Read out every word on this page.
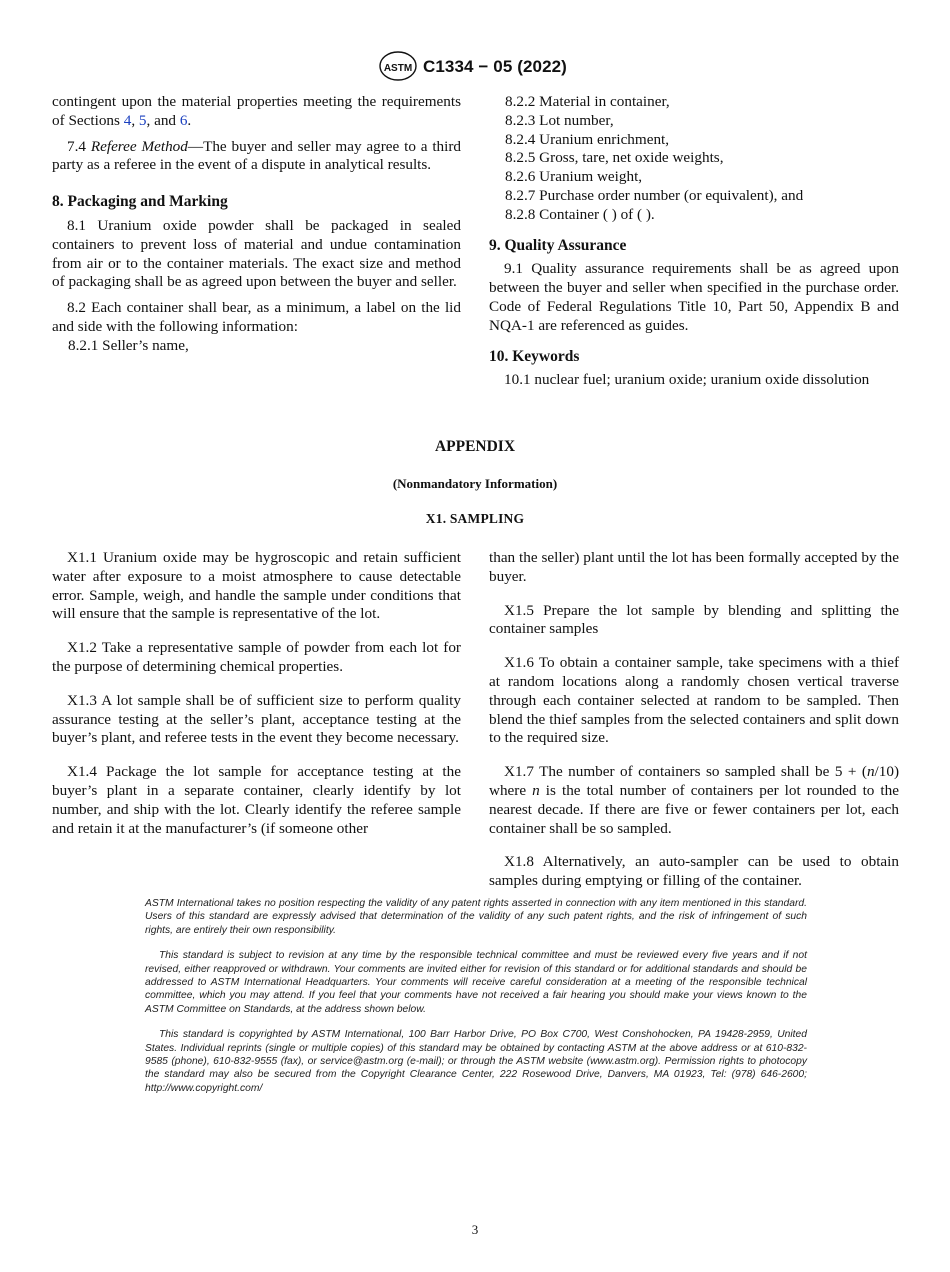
ASTM C1334 − 05 (2022)

contingent upon the material properties meeting the requirements of Sections 4, 5, and 6.

7.4 Referee Method—The buyer and seller may agree to a third party as a referee in the event of a dispute in analytical results.

8. Packaging and Marking

8.1 Uranium oxide powder shall be packaged in sealed containers to prevent loss of material and undue contamination from air or to the container materials. The exact size and method of packaging shall be as agreed upon between the buyer and seller.

8.2 Each container shall bear, as a minimum, a label on the lid and side with the following information:

8.2.1 Seller’s name,

8.2.2 Material in container,

8.2.3 Lot number,

8.2.4 Uranium enrichment,

8.2.5 Gross, tare, net oxide weights,

8.2.6 Uranium weight,

8.2.7 Purchase order number (or equivalent), and

8.2.8 Container ( ) of ( ).

9. Quality Assurance

9.1 Quality assurance requirements shall be as agreed upon between the buyer and seller when specified in the purchase order. Code of Federal Regulations Title 10, Part 50, Appendix B and NQA-1 are referenced as guides.

10. Keywords

10.1 nuclear fuel; uranium oxide; uranium oxide dissolution

APPENDIX
(Nonmandatory Information)
X1. SAMPLING

X1.1 Uranium oxide may be hygroscopic and retain sufficient water after exposure to a moist atmosphere to cause detectable error. Sample, weigh, and handle the sample under conditions that will ensure that the sample is representative of the lot.

X1.2 Take a representative sample of powder from each lot for the purpose of determining chemical properties.

X1.3 A lot sample shall be of sufficient size to perform quality assurance testing at the seller’s plant, acceptance testing at the buyer’s plant, and referee tests in the event they become necessary.

X1.4 Package the lot sample for acceptance testing at the buyer’s plant in a separate container, clearly identify by lot number, and ship with the lot. Clearly identify the referee sample and retain it at the manufacturer’s (if someone other

than the seller) plant until the lot has been formally accepted by the buyer.

X1.5 Prepare the lot sample by blending and splitting the container samples

X1.6 To obtain a container sample, take specimens with a thief at random locations along a randomly chosen vertical traverse through each container selected at random to be sampled. Then blend the thief samples from the selected containers and split down to the required size.

X1.7 The number of containers so sampled shall be 5 + (n/10) where n is the total number of containers per lot rounded to the nearest decade. If there are five or fewer containers per lot, each container shall be so sampled.

X1.8 Alternatively, an auto-sampler can be used to obtain samples during emptying or filling of the container.

ASTM International takes no position respecting the validity of any patent rights asserted in connection with any item mentioned in this standard. Users of this standard are expressly advised that determination of the validity of any such patent rights, and the risk of infringement of such rights, are entirely their own responsibility.

This standard is subject to revision at any time by the responsible technical committee and must be reviewed every five years and if not revised, either reapproved or withdrawn. Your comments are invited either for revision of this standard or for additional standards and should be addressed to ASTM International Headquarters. Your comments will receive careful consideration at a meeting of the responsible technical committee, which you may attend. If you feel that your comments have not received a fair hearing you should make your views known to the ASTM Committee on Standards, at the address shown below.

This standard is copyrighted by ASTM International, 100 Barr Harbor Drive, PO Box C700, West Conshohocken, PA 19428-2959, United States. Individual reprints (single or multiple copies) of this standard may be obtained by contacting ASTM at the above address or at 610-832-9585 (phone), 610-832-9555 (fax), or service@astm.org (e-mail); or through the ASTM website (www.astm.org). Permission rights to photocopy the standard may also be secured from the Copyright Clearance Center, 222 Rosewood Drive, Danvers, MA 01923, Tel: (978) 646-2600; http://www.copyright.com/

3
